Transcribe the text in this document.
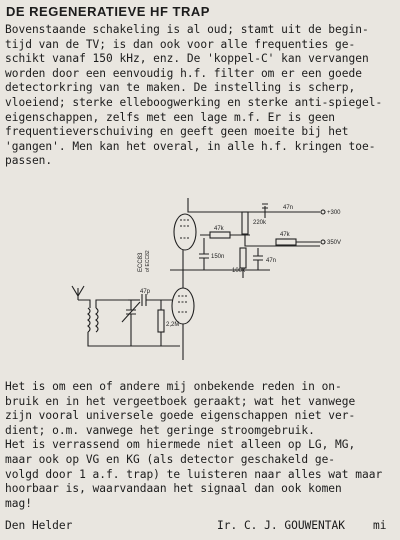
DE REGENERATIEVE HF TRAP
Bovenstaande schakeling is al oud; stamt uit de begin-
tijd van de TV; is dan ook voor alle frequenties ge-
schikt vanaf 150 kHz, enz. De 'koppel-C' kan vervangen
worden door een eenvoudig h.f. filter om er een goede
detectorkring van te maken. De instelling is scherp,
vloeiend; sterke elleboogwerking en sterke anti-spiegel-
eigenschappen, zelfs met een lage m.f. Er is geen
frequentieverschuiving en geeft geen moeite bij het
'gangen'. Men kan het overal, in alle h.f. kringen toe-
passen.
47n
220k
47k
150n
100k
47k
47n
+300
350V
47p
2,2M
ECC83 of ECC82
Het is om een of andere mij onbekende reden in on-
bruik en in het vergeetboek geraakt; wat het vanwege
zijn vooral universele goede eigenschappen niet ver-
dient; o.m. vanwege het geringe stroomgebruik.
Het is verrassend om hiermede niet alleen op LG, MG,
maar ook op VG en KG (als detector geschakeld ge-
volgd door 1 a.f. trap) te luisteren naar alles wat maar
hoorbaar is, waarvandaan het signaal dan ook komen
mag!
Den Helder	Ir. C. J. GOUWENTAK	mi
